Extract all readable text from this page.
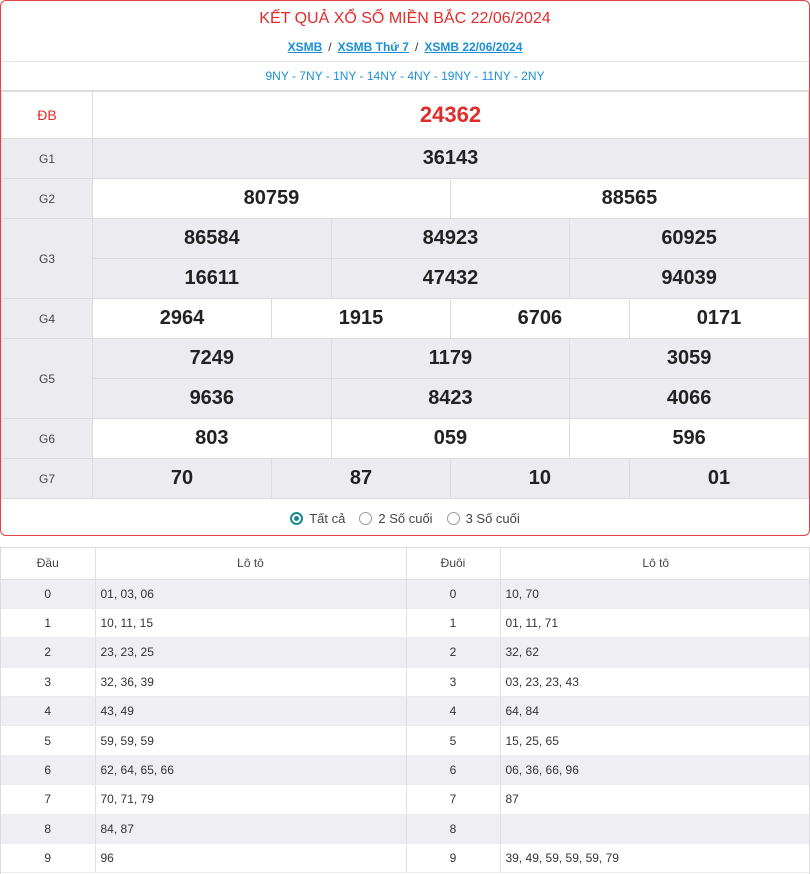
KẾT QUẢ XỔ SỐ MIỀN BẮC 22/06/2024
XSMB / XSMB Thứ 7 / XSMB 22/06/2024
9NY - 7NY - 1NY - 14NY - 4NY - 19NY - 11NY - 2NY
ĐB	24362					
G1	36143					
G2	80759			88565		
G3	86584		84923		60925	
	16611		47432		94039	
G4	2964	1915		6706		0171
G5	7249		1179		3059	
	9636		8423		4066	
G6	803		059		596	
G7	70	87		10		01
Tất cả	2 Số cuối	3 Số cuối
Đầu	Lô tô	Đuôi	Lô tô
0	01, 03, 06	0	10, 70
1	10, 11, 15	1	01, 11, 71
2	23, 23, 25	2	32, 62
3	32, 36, 39	3	03, 23, 23, 43
4	43, 49	4	64, 84
5	59, 59, 59	5	15, 25, 65
6	62, 64, 65, 66	6	06, 36, 66, 96
7	70, 71, 79	7	87
8	84, 87	8	
9	96	9	39, 49, 59, 59, 59, 79
